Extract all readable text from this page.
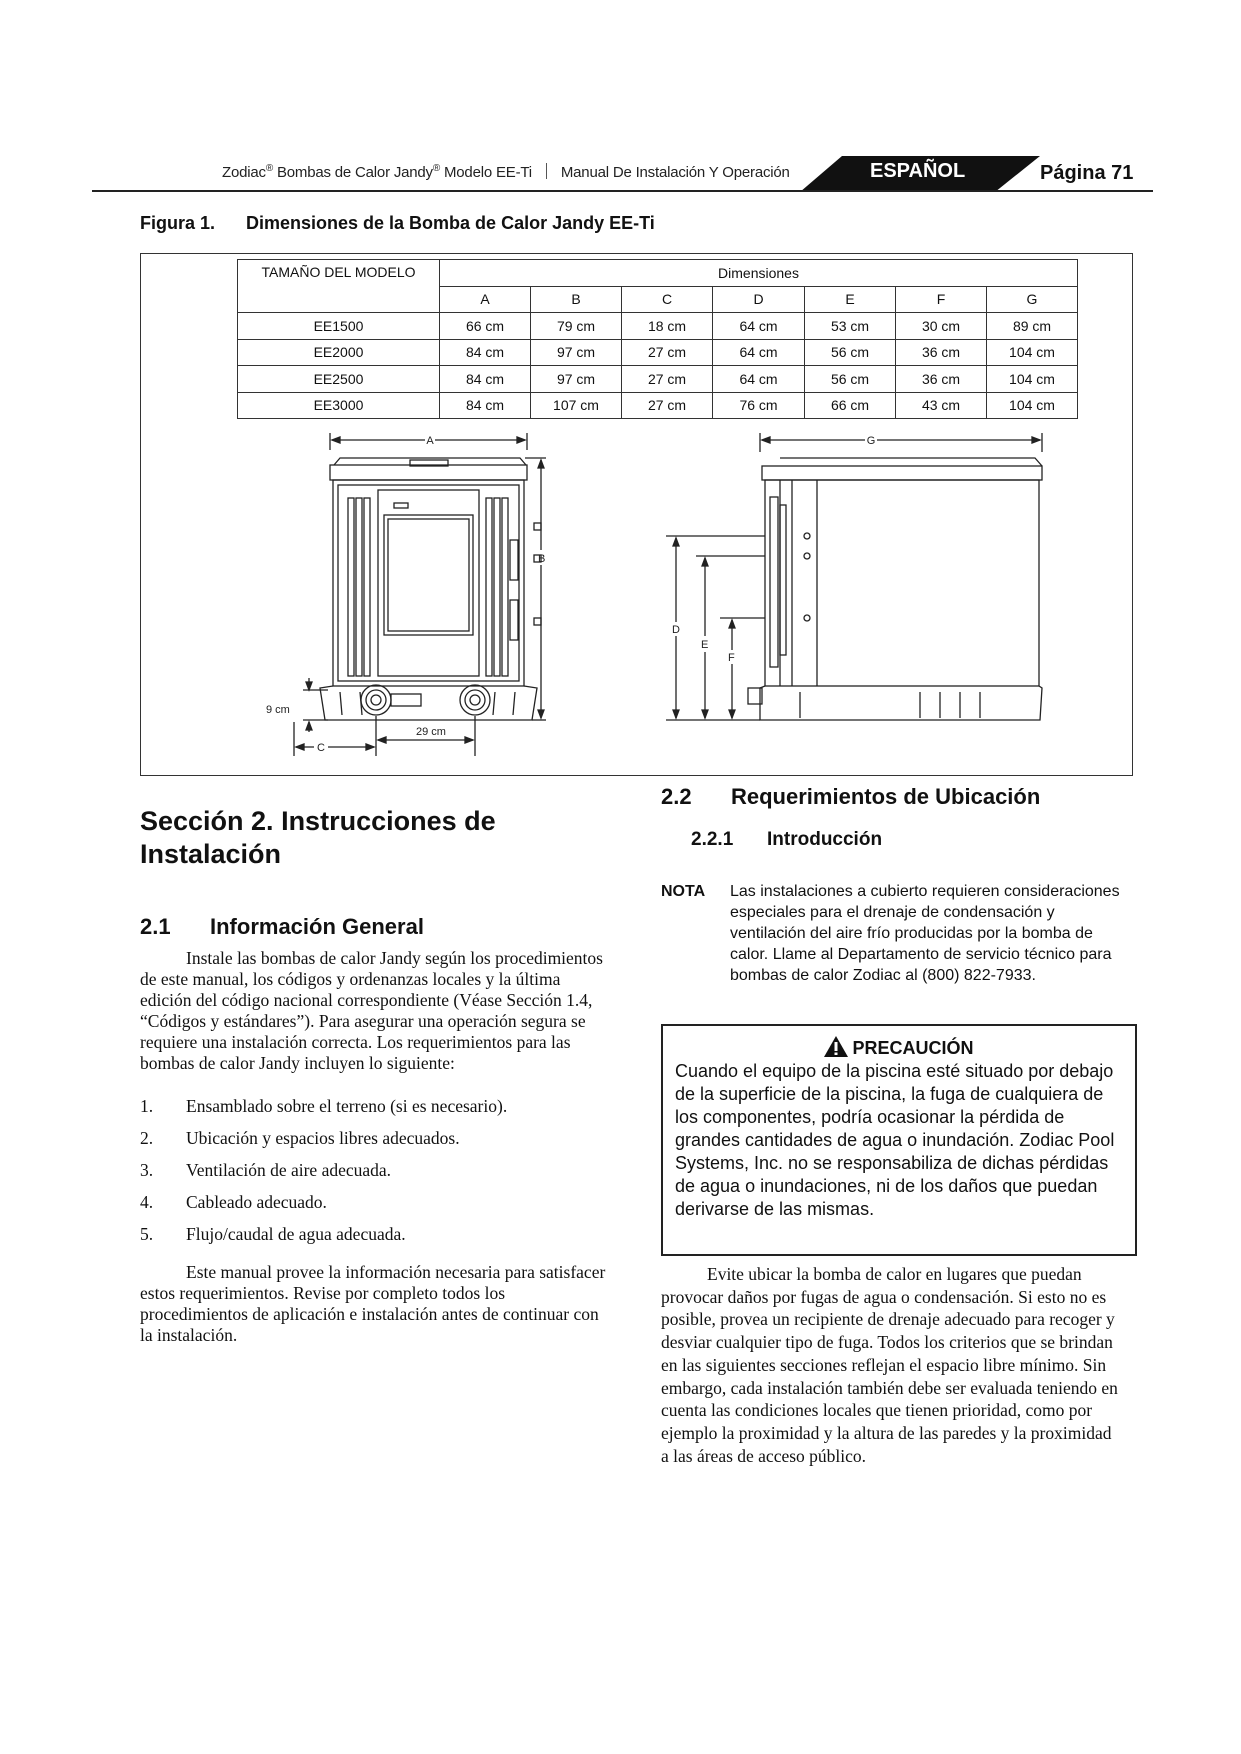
Zodiac® Bombas de Calor Jandy® Modelo EE-Ti Manual De Instalación Y Operación	ESPAÑOL	Página 71
Figura 1. Dimensiones de la Bomba de Calor Jandy EE-Ti
TAMAÑO DEL MODELO	Dimensiones						
	A	B	C	D	E	F	G
EE1500	66 cm	79 cm	18 cm	64 cm	53 cm	30 cm	89 cm
EE2000	84 cm	97 cm	27 cm	64 cm	56 cm	36 cm	104 cm
EE2500	84 cm	97 cm	27 cm	64 cm	56 cm	36 cm	104 cm
EE3000	84 cm	107 cm	27 cm	76 cm	66 cm	43 cm	104 cm
A
B
9 cm
C
29 cm
G
D
E
F
Sección 2. Instrucciones de Instalación
2.1 Información General
Instale las bombas de calor Jandy según los procedimientos de este manual, los códigos y ordenanzas locales y la última edición del código nacional correspondiente (Véase Sección 1.4, “Códigos y estándares”). Para asegurar una operación segura se requiere una instalación correcta. Los requerimientos para las bombas de calor Jandy incluyen lo siguiente:
1. Ensamblado sobre el terreno (si es necesario).
2. Ubicación y espacios libres adecuados.
3. Ventilación de aire adecuada.
4. Cableado adecuado.
5. Flujo/caudal de agua adecuada.
Este manual provee la información necesaria para satisfacer estos requerimientos. Revise por completo todos los procedimientos de aplicación e instalación antes de continuar con la instalación.
2.2 Requerimientos de Ubicación
2.2.1 Introducción
NOTA Las instalaciones a cubierto requieren consideraciones especiales para el drenaje de condensación y ventilación del aire frío producidas por la bomba de calor. Llame al Departamento de servicio técnico para bombas de calor Zodiac al (800) 822-7933.
PRECAUCIÓN
Cuando el equipo de la piscina esté situado por debajo de la superficie de la piscina, la fuga de cualquiera de los componentes, podría ocasionar la pérdida de grandes cantidades de agua o inundación. Zodiac Pool Systems, Inc. no se responsabiliza de dichas pérdidas de agua o inundaciones, ni de los daños que puedan derivarse de las mismas.
Evite ubicar la bomba de calor en lugares que puedan provocar daños por fugas de agua o condensación. Si esto no es posible, provea un recipiente de drenaje adecuado para recoger y desviar cualquier tipo de fuga. Todos los criterios que se brindan en las siguientes secciones reflejan el espacio libre mínimo. Sin embargo, cada instalación también debe ser evaluada teniendo en cuenta las condiciones locales que tienen prioridad, como por ejemplo la proximidad y la altura de las paredes y la proximidad a las áreas de acceso público.
